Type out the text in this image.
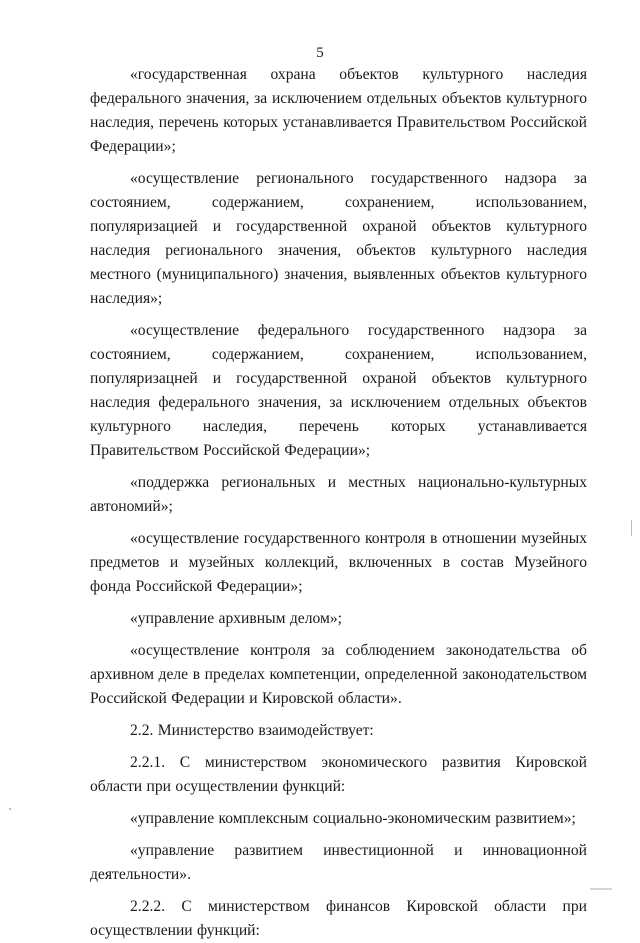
5

«государственная охрана объектов культурного наследия федерального значения, за исключением отдельных объектов культурного наследия, перечень которых устанавливается Правительством Российской Федерации»;

«осуществление регионального государственного надзора за состоянием, содержанием, сохранением, использованием, популяризацией и государственной охраной объектов культурного наследия регионального значения, объектов культурного наследия местного (муниципального) значения, выявленных объектов культурного наследия»;

«осуществление федерального государственного надзора за состоянием, содержанием, сохранением, использованием, популяризацней и государственной охраной объектов культурного наследия федерального значения, за исключением отдельных объектов культурного наследия, перечень которых устанавливается Правительством Российской Федерации»;

«поддержка региональных и местных национально-культурных автономий»;

«осуществление государственного контроля в отношении музейных предметов и музейных коллекций, включенных в состав Музейного фонда Российской Федерации»;

«управление архивным делом»;

«осуществление контроля за соблюдением законодательства об архивном деле в пределах компетенции, определенной законодательством Российской Федерации и Кировской области».

2.2. Министерство взаимодействует:

2.2.1. С министерством экономического развития Кировской области при осуществлении функций:

«управление комплексным социально-экономическим развитием»;

«управление развитием инвестиционной и инновационной деятельности».

2.2.2. С министерством финансов Кировской области при осуществлении функций:
